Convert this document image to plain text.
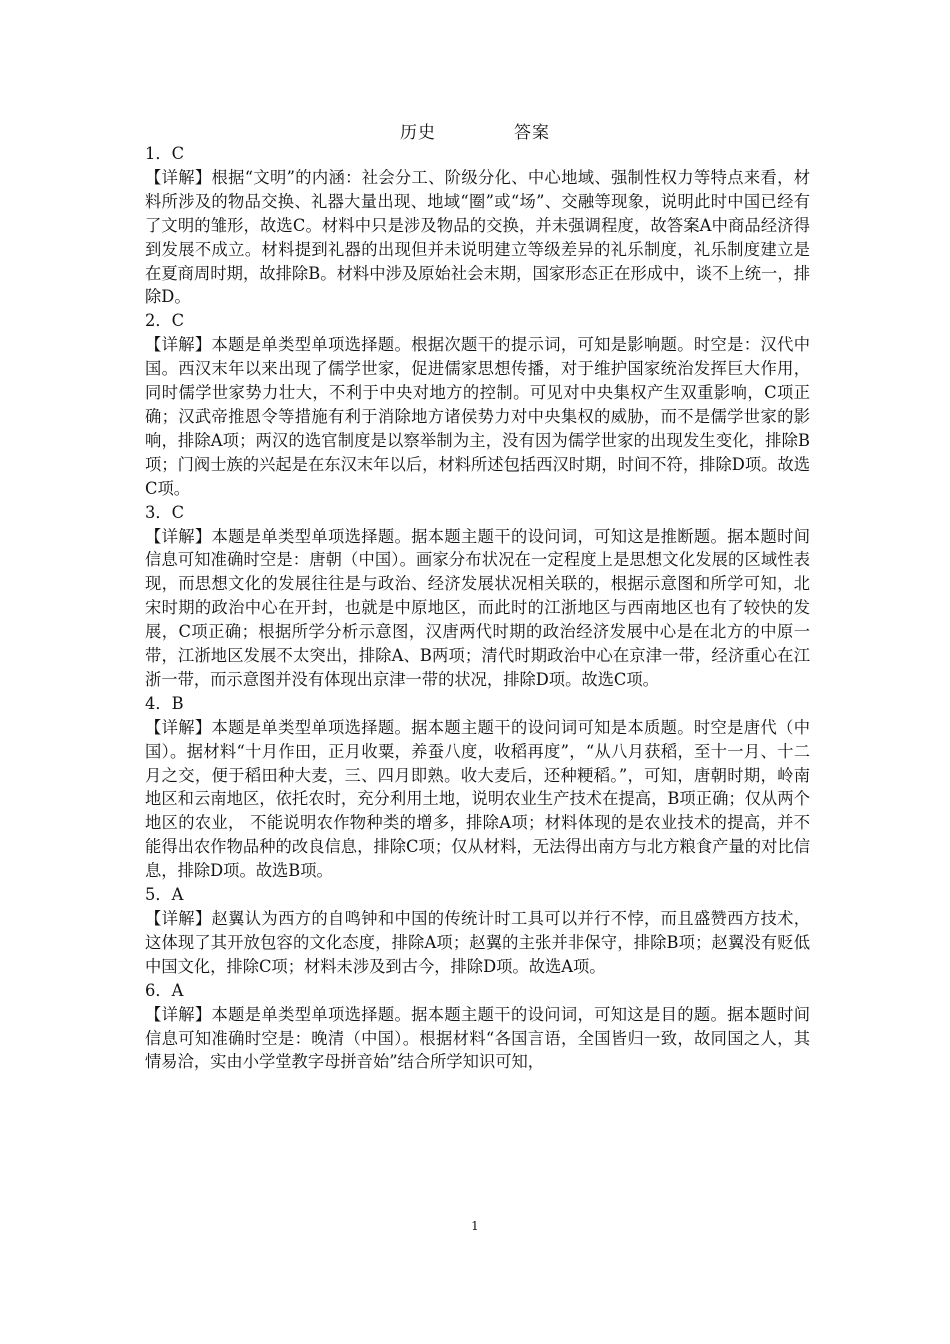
历史	答案

1．C

【详解】根据“文明”的内涵：社会分工、阶级分化、中心地域、强制性权力等特点来看，材料所涉及的物品交换、礼器大量出现、地域“圈”或“场”、交融等现象，说明此时中国已经有了文明的雏形，故选C。材料中只是涉及物品的交换，并未强调程度，故答案A中商品经济得到发展不成立。材料提到礼器的出现但并未说明建立等级差异的礼乐制度，礼乐制度建立是在夏商周时期，故排除B。材料中涉及原始社会末期，国家形态正在形成中，谈不上统一，排除D。

2．C

【详解】本题是单类型单项选择题。根据次题干的提示词，可知是影响题。时空是：汉代中国。西汉末年以来出现了儒学世家，促进儒家思想传播，对于维护国家统治发挥巨大作用，同时儒学世家势力壮大，不利于中央对地方的控制。可见对中央集权产生双重影响，C项正确；汉武帝推恩令等措施有利于消除地方诸侯势力对中央集权的威胁，而不是儒学世家的影响，排除A项；两汉的选官制度是以察举制为主，没有因为儒学世家的出现发生变化，排除B项；门阀士族的兴起是在东汉末年以后，材料所述包括西汉时期，时间不符，排除D项。故选C项。

3．C

【详解】本题是单类型单项选择题。据本题主题干的设问词，可知这是推断题。据本题时间信息可知准确时空是：唐朝（中国）。画家分布状况在一定程度上是思想文化发展的区域性表现，而思想文化的发展往往是与政治、经济发展状况相关联的，根据示意图和所学可知，北宋时期的政治中心在开封，也就是中原地区，而此时的江浙地区与西南地区也有了较快的发展，C项正确；根据所学分析示意图，汉唐两代时期的政治经济发展中心是在北方的中原一带，江浙地区发展不太突出，排除A、B两项；清代时期政治中心在京津一带，经济重心在江浙一带，而示意图并没有体现出京津一带的状况，排除D项。故选C项。

4．B

【详解】本题是单类型单项选择题。据本题主题干的设问词可知是本质题。时空是唐代（中国）。据材料“十月作田，正月收粟，养蚕八度，收稻再度”，“从八月获稻，至十一月、十二月之交，便于稻田种大麦，三、四月即熟。收大麦后，还种粳稻。”，可知，唐朝时期，岭南地区和云南地区，依托农时，充分利用土地，说明农业生产技术在提高，B项正确；仅从两个地区的农业， 不能说明农作物种类的增多，排除A项；材料体现的是农业技术的提高，并不能得出农作物品种的改良信息，排除C项；仅从材料，无法得出南方与北方粮食产量的对比信息，排除D项。故选B项。

5．A

【详解】赵翼认为西方的自鸣钟和中国的传统计时工具可以并行不悖，而且盛赞西方技术，这体现了其开放包容的文化态度，排除A项；赵翼的主张并非保守，排除B项；赵翼没有贬低中国文化，排除C项；材料未涉及到古今，排除D项。故选A项。

6．A

【详解】本题是单类型单项选择题。据本题主题干的设问词，可知这是目的题。据本题时间信息可知准确时空是：晚清（中国）。根据材料“各国言语，全国皆归一致，故同国之人，其情易洽，实由小学堂教字母拼音始”结合所学知识可知，

1
